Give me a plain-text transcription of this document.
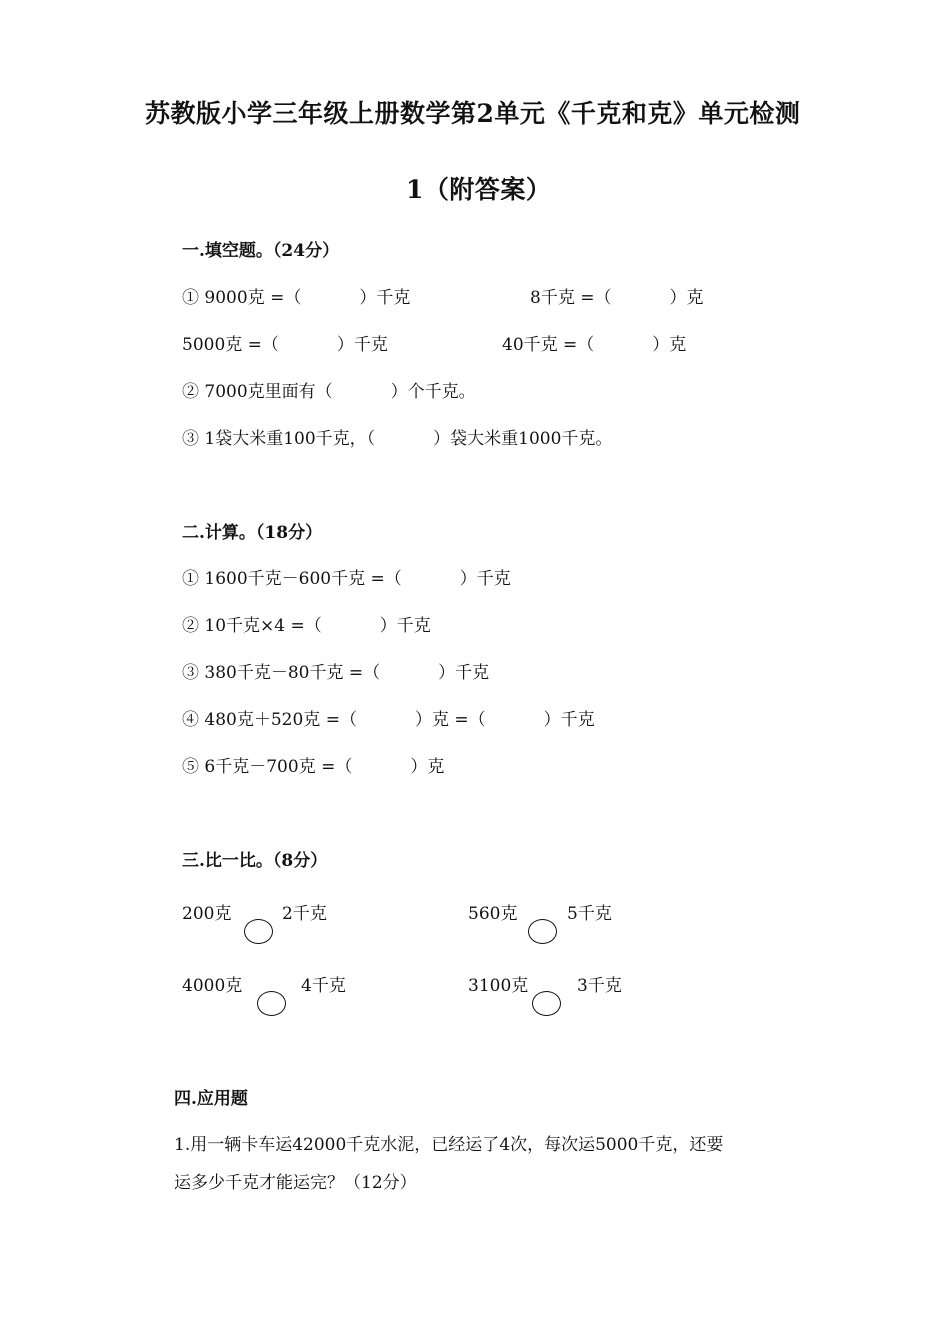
苏教版小学三年级上册数学第2单元《千克和克》单元检测
1（附答案）
一.填空题。（24分）
① 9000克 =（	）千克	8千克 =（	）克
5000克 =（	）千克	40千克 =（	）克
② 7000克里面有（	）个千克。
③ 1袋大米重100千克，（	）袋大米重1000千克。
二.计算。（18分）
① 1600千克－600千克 =（	）千克
② 10千克×4 =（	）千克
③ 380千克－80千克 =（	）千克
④ 480克＋520克 =（	）克 =（	）千克
⑤ 6千克－700克 =（	）克
三.比一比。（8分）
200克	2千克	560克	5千克
4000克	4千克	3100克	3千克
四.应用题
1.用一辆卡车运42000千克水泥，已经运了4次，每次运5000千克，还要
运多少千克才能运完？（12分）
